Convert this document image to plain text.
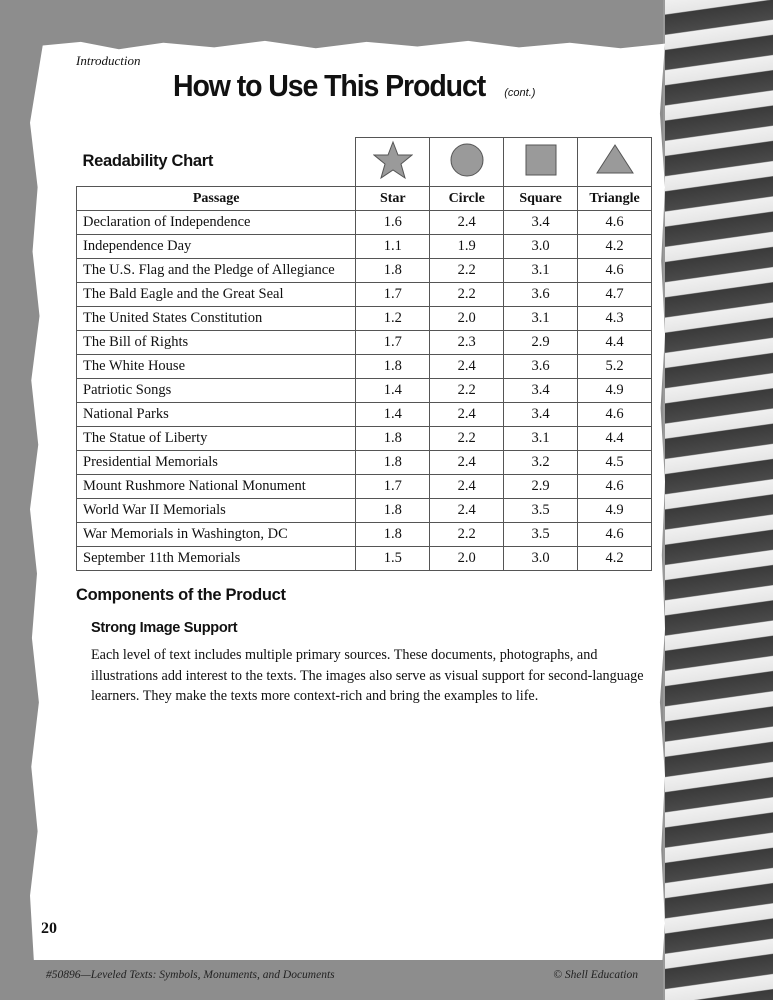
Introduction

How to Use This Product (cont.)
Readability Chart				
Passage	Star	Circle	Square	Triangle
Declaration of Independence	1.6	2.4	3.4	4.6
Independence Day	1.1	1.9	3.0	4.2
The U.S. Flag and the Pledge of Allegiance	1.8	2.2	3.1	4.6
The Bald Eagle and the Great Seal	1.7	2.2	3.6	4.7
The United States Constitution	1.2	2.0	3.1	4.3
The Bill of Rights	1.7	2.3	2.9	4.4
The White House	1.8	2.4	3.6	5.2
Patriotic Songs	1.4	2.2	3.4	4.9
National Parks	1.4	2.4	3.4	4.6
The Statue of Liberty	1.8	2.2	3.1	4.4
Presidential Memorials	1.8	2.4	3.2	4.5
Mount Rushmore National Monument	1.7	2.4	2.9	4.6
World War II Memorials	1.8	2.4	3.5	4.9
War Memorials in Washington, DC	1.8	2.2	3.5	4.6
September 11th Memorials	1.5	2.0	3.0	4.2
Components of the Product
Strong Image Support

Each level of text includes multiple primary sources. These documents, photographs, and illustrations add interest to the texts. The images also serve as visual support for second-language learners. They make the texts more context-rich and bring the examples to life.

20

#50896—Leveled Texts: Symbols, Monuments, and Documents	© Shell Education
